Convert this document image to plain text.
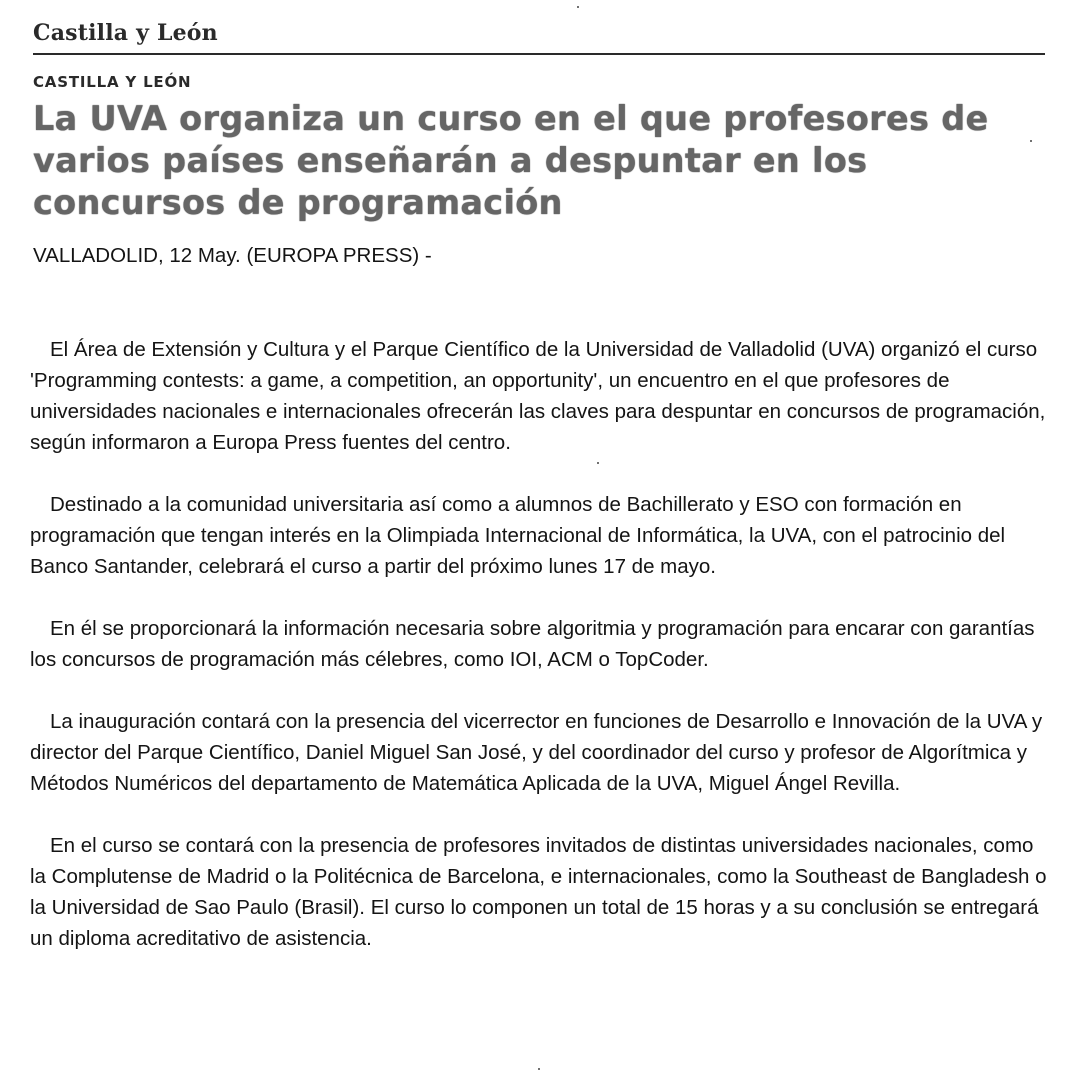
Castilla y León
CASTILLA Y LEÓN
La UVA organiza un curso en el que profesores de varios países enseñarán a despuntar en los concursos de programación
VALLADOLID, 12 May. (EUROPA PRESS) -

El Área de Extensión y Cultura y el Parque Científico de la Universidad de Valladolid (UVA) organizó el curso 'Programming contests: a game, a competition, an opportunity', un encuentro en el que profesores de universidades nacionales e internacionales ofrecerán las claves para despuntar en concursos de programación, según informaron a Europa Press fuentes del centro.

Destinado a la comunidad universitaria así como a alumnos de Bachillerato y ESO con formación en programación que tengan interés en la Olimpiada Internacional de Informática, la UVA, con el patrocinio del Banco Santander, celebrará el curso a partir del próximo lunes 17 de mayo.

En él se proporcionará la información necesaria sobre algoritmia y programación para encarar con garantías los concursos de programación más célebres, como IOI, ACM o TopCoder.

La inauguración contará con la presencia del vicerrector en funciones de Desarrollo e Innovación de la UVA y director del Parque Científico, Daniel Miguel San José, y del coordinador del curso y profesor de Algorítmica y Métodos Numéricos del departamento de Matemática Aplicada de la UVA, Miguel Ángel Revilla.

En el curso se contará con la presencia de profesores invitados de distintas universidades nacionales, como la Complutense de Madrid o la Politécnica de Barcelona, e internacionales, como la Southeast de Bangladesh o la Universidad de Sao Paulo (Brasil). El curso lo componen un total de 15 horas y a su conclusión se entregará un diploma acreditativo de asistencia.
